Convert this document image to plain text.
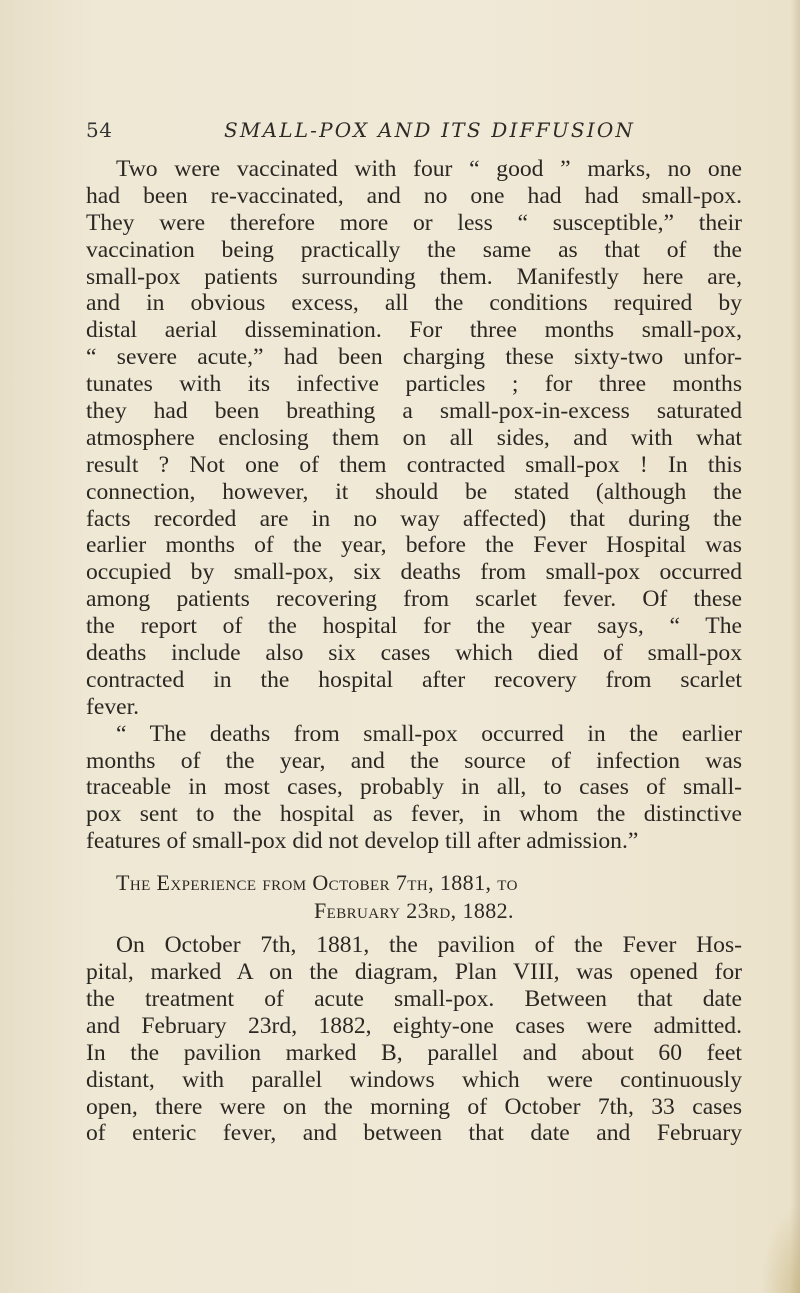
54	SMALL-POX AND ITS DIFFUSION
Two were vaccinated with four “ good ” marks, no one
had been re-vaccinated, and no one had had small-pox.
They were therefore more or less “ susceptible,” their
vaccination being practically the same as that of the
small-pox patients surrounding them. Manifestly here are,
and in obvious excess, all the conditions required by
distal aerial dissemination. For three months small-pox,
“ severe acute,” had been charging these sixty-two unfor-
tunates with its infective particles ; for three months
they had been breathing a small-pox-in-excess saturated
atmosphere enclosing them on all sides, and with what
result ? Not one of them contracted small-pox ! In this
connection, however, it should be stated (although the
facts recorded are in no way affected) that during the
earlier months of the year, before the Fever Hospital was
occupied by small-pox, six deaths from small-pox occurred
among patients recovering from scarlet fever. Of these
the report of the hospital for the year says, “ The
deaths include also six cases which died of small-pox
contracted in the hospital after recovery from scarlet
fever.
“ The deaths from small-pox occurred in the earlier
months of the year, and the source of infection was
traceable in most cases, probably in all, to cases of small-
pox sent to the hospital as fever, in whom the distinctive
features of small-pox did not develop till after admission.”
The Experience from October 7th, 1881, to
February 23rd, 1882.
On October 7th, 1881, the pavilion of the Fever Hos-
pital, marked A on the diagram, Plan VIII, was opened for
the treatment of acute small-pox. Between that date
and February 23rd, 1882, eighty-one cases were admitted.
In the pavilion marked B, parallel and about 60 feet
distant, with parallel windows which were continuously
open, there were on the morning of October 7th, 33 cases
of enteric fever, and between that date and February
